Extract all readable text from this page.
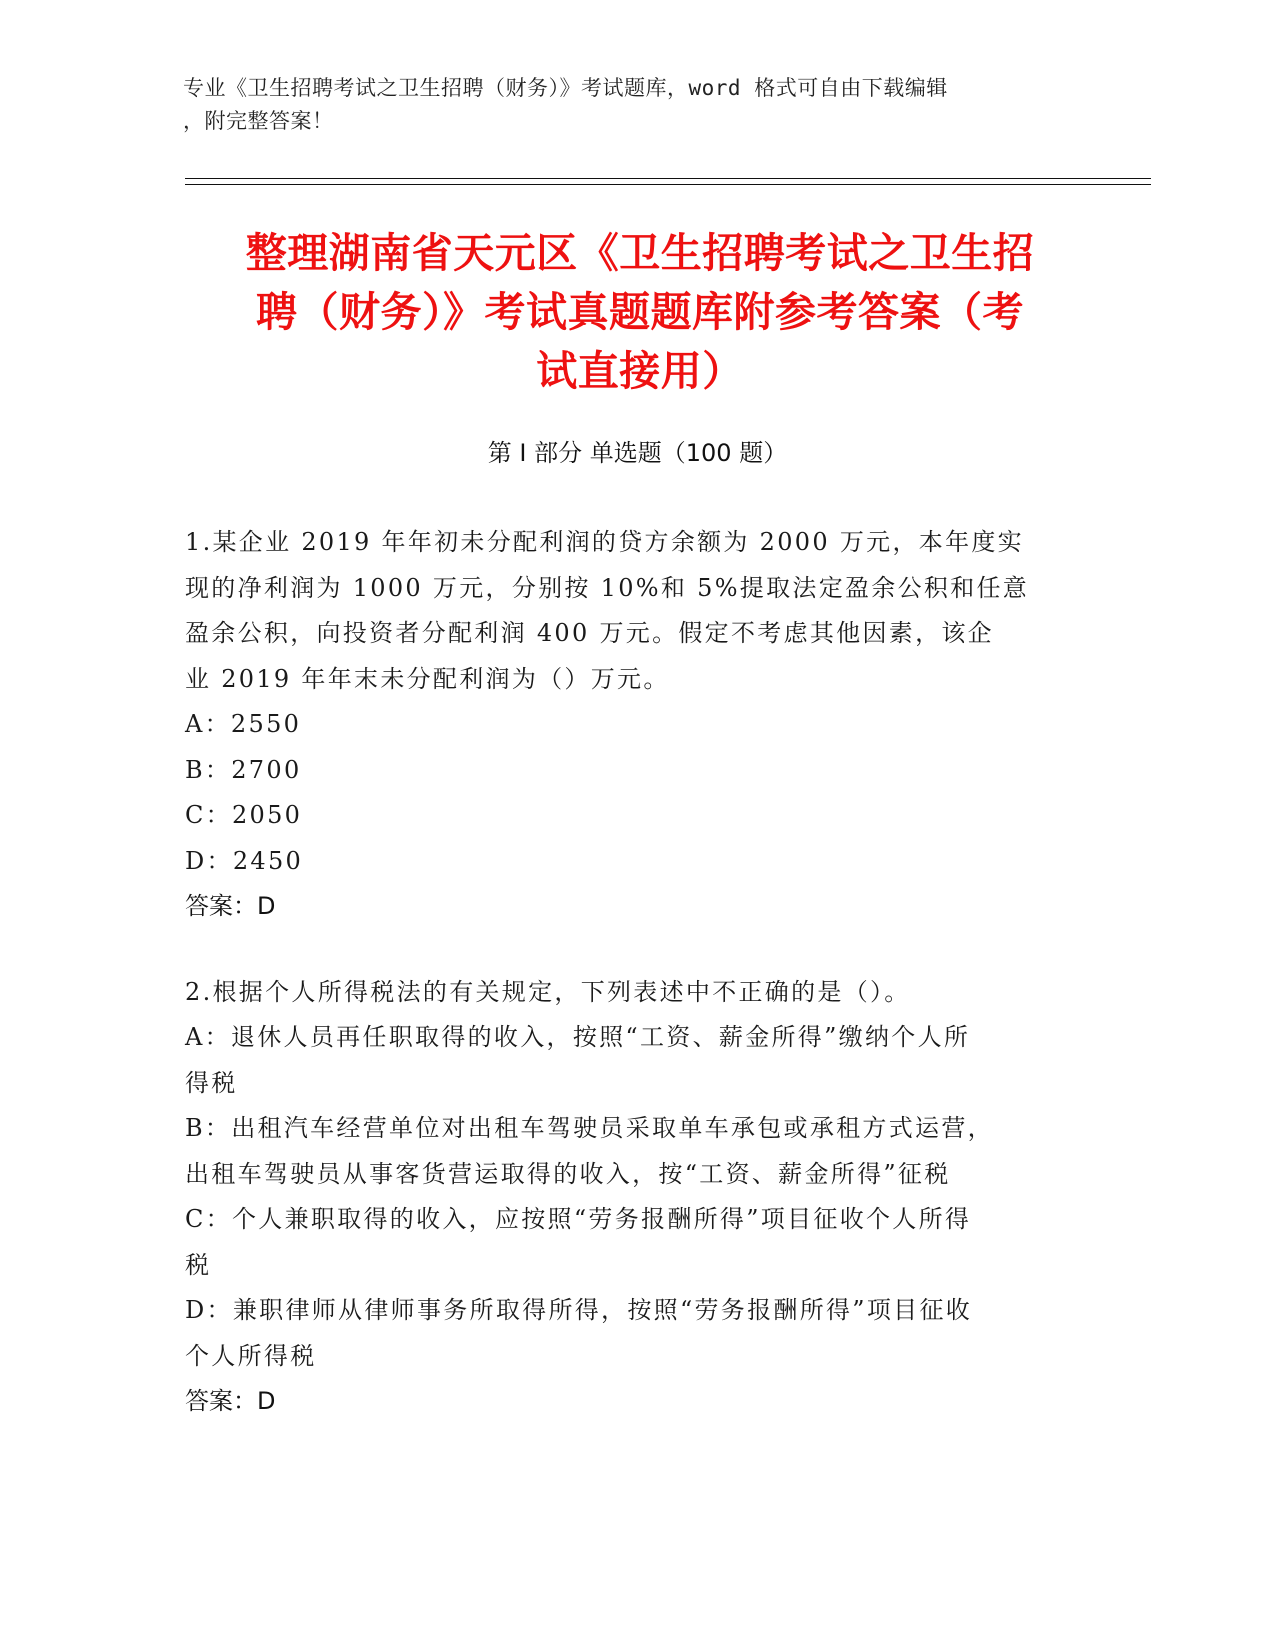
专业《卫生招聘考试之卫生招聘（财务）》考试题库，word 格式可自由下载编辑
，附完整答案！
整理湖南省天元区《卫生招聘考试之卫生招
聘（财务）》考试真题题库附参考答案（考
试直接用）
第 I 部分 单选题（100 题）

1.某企业 2019 年年初未分配利润的贷方余额为 2000 万元，本年度实

现的净利润为 1000 万元，分别按 10%和 5%提取法定盈余公积和任意

盈余公积，向投资者分配利润 400 万元。假定不考虑其他因素，该企

业 2019 年年末未分配利润为（）万元。

A：2550

B：2700

C：2050

D：2450

答案：D

2.根据个人所得税法的有关规定，下列表述中不正确的是（）。

A：退休人员再任职取得的收入，按照“工资、薪金所得”缴纳个人所

得税

B：出租汽车经营单位对出租车驾驶员采取单车承包或承租方式运营，

出租车驾驶员从事客货营运取得的收入，按“工资、薪金所得”征税

C：个人兼职取得的收入，应按照“劳务报酬所得”项目征收个人所得

税

D：兼职律师从律师事务所取得所得，按照“劳务报酬所得”项目征收

个人所得税

答案：D
